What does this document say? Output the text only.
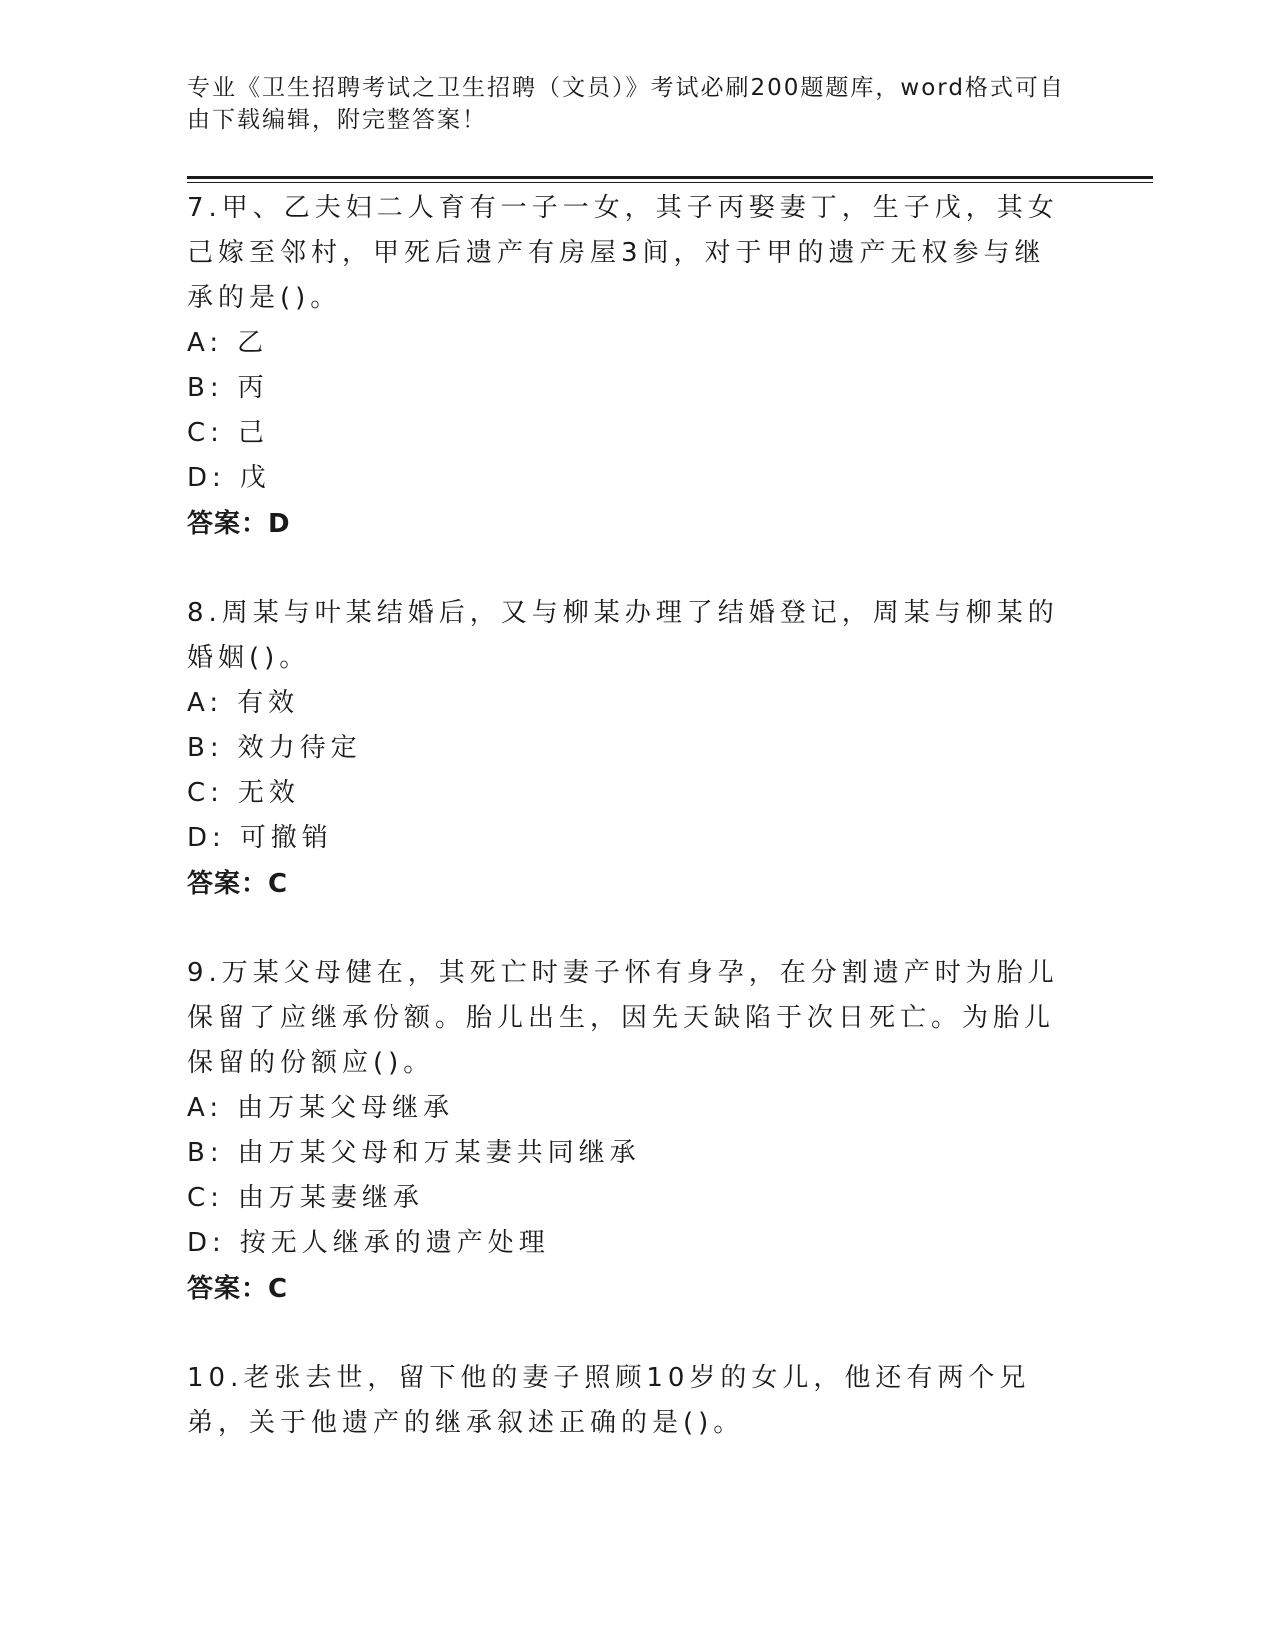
专业《卫生招聘考试之卫生招聘（文员）》考试必刷200题题库，word格式可自由下载编辑，附完整答案！

7.甲、乙夫妇二人育有一子一女，其子丙娶妻丁，生子戊，其女己嫁至邻村，甲死后遗产有房屋3间，对于甲的遗产无权参与继承的是()。

A: 乙
B: 丙
C: 己
D: 戊
答案：D

8.周某与叶某结婚后，又与柳某办理了结婚登记，周某与柳某的婚姻()。

A: 有效
B: 效力待定
C: 无效
D: 可撤销
答案：C

9.万某父母健在，其死亡时妻子怀有身孕，在分割遗产时为胎儿保留了应继承份额。胎儿出生，因先天缺陷于次日死亡。为胎儿保留的份额应()。

A: 由万某父母继承
B: 由万某父母和万某妻共同继承
C: 由万某妻继承
D: 按无人继承的遗产处理
答案：C

10.老张去世，留下他的妻子照顾10岁的女儿，他还有两个兄弟，关于他遗产的继承叙述正确的是()。
